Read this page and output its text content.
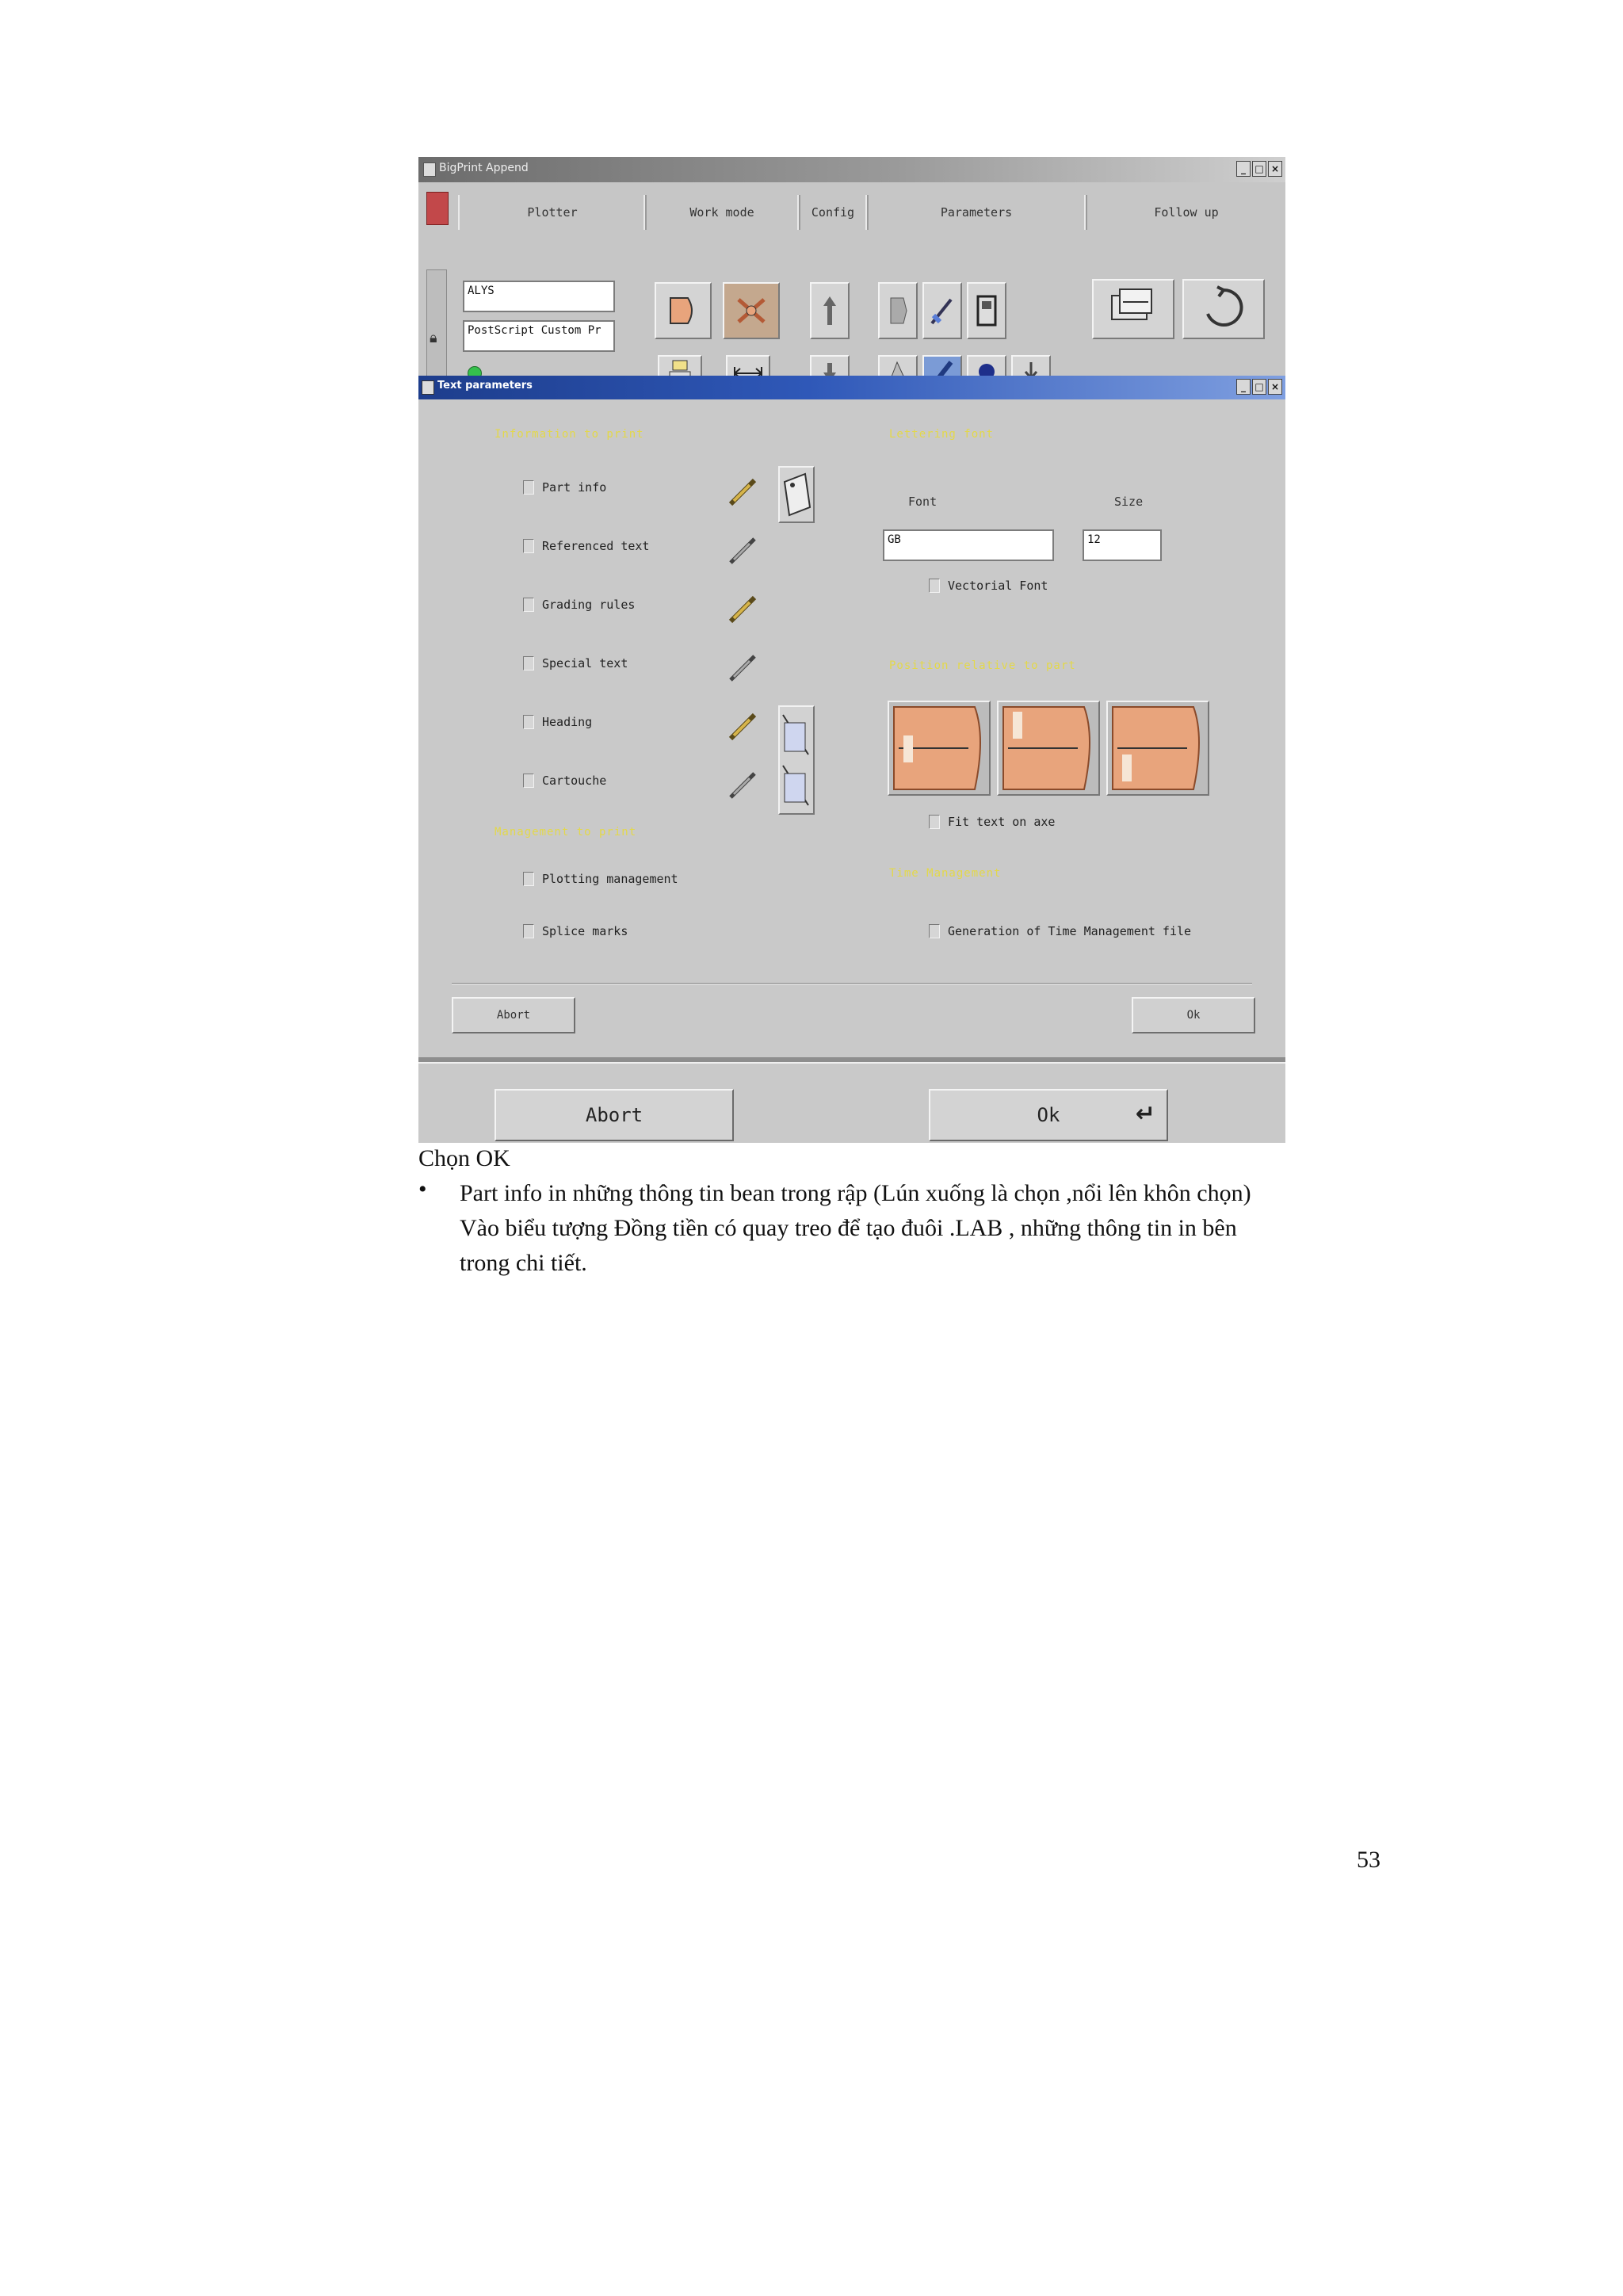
BigPrint Append	_ □ ×
🔒︎
Plotter	Work mode	Config	Parameters	Follow up
ALYS
PostScript Custom Pr
Text parameters	_ □ ×
Information to print
Part info
Referenced text
Grading rules
Special text
Heading
Cartouche
Management to print
Plotting management
Splice marks
Lettering font
Font	Size
GB	12
Vectorial Font
Position relative to part
Fit text on axe
Time Management
Generation of Time Management file
Abort	Ok
Abort	Ok	↵
Chọn OK
• Part info in những thông tin bean trong rập (Lún xuống là chọn ,nổi lên khôn chọn)
Vào biểu tượng Đồng tiền có quay treo để tạo đuôi .LAB , những thông tin in bên
trong chi tiết.
53
